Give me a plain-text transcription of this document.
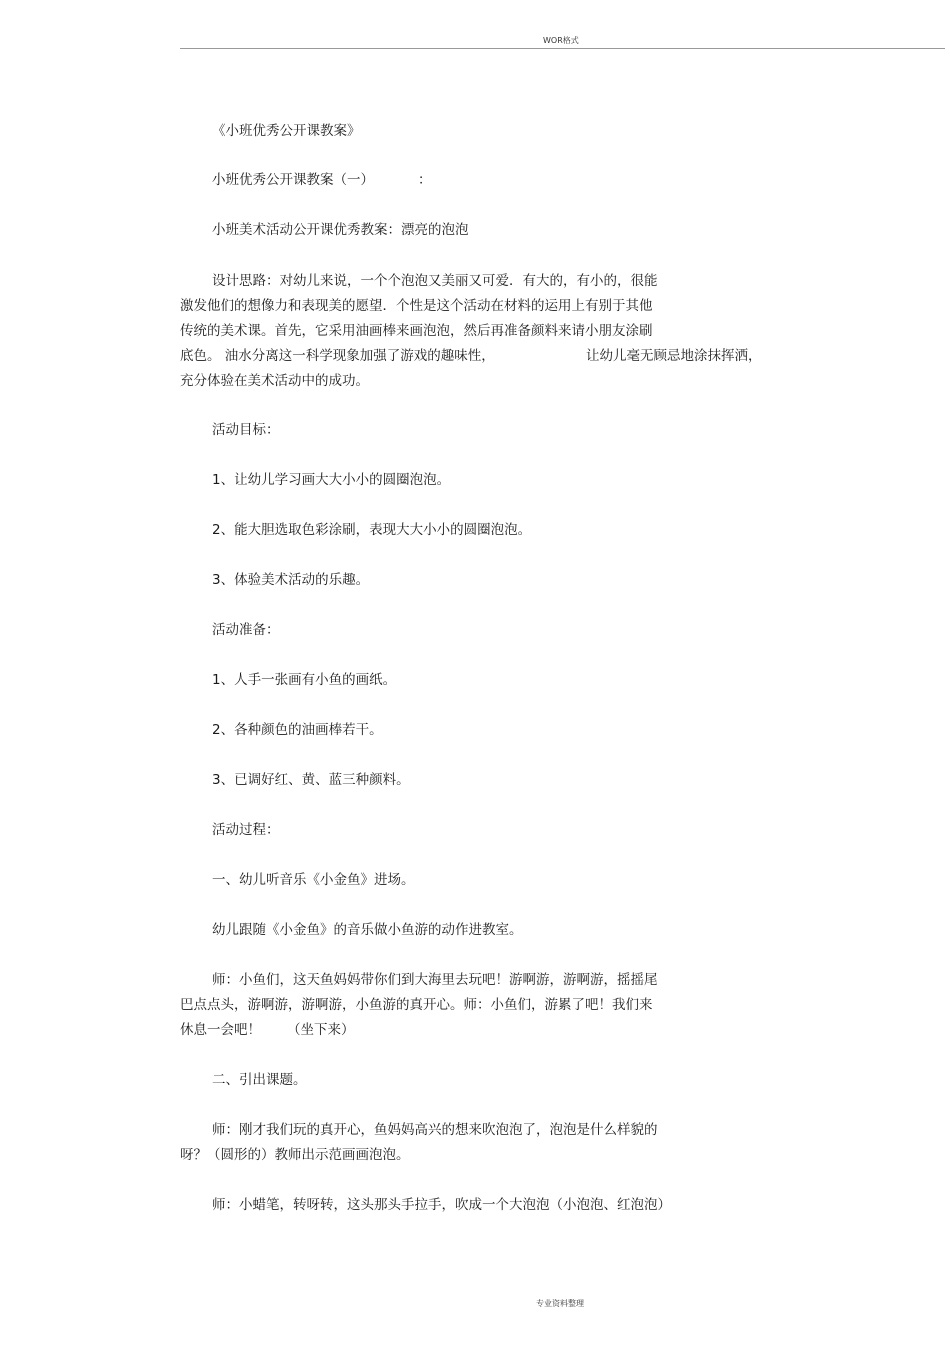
WOR格式
《小班优秀公开课教案》
小班优秀公开课教案（一）	：
小班美术活动公开课优秀教案：漂亮的泡泡
设计思路：对幼儿来说，一个个泡泡又美丽又可爱．有大的，有小的，很能
激发他们的想像力和表现美的愿望．个性是这个活动在材料的运用上有别于其他
传统的美术课。首先，它采用油画棒来画泡泡，然后再准备颜料来请小朋友涂刷
底色。 油水分离这一科学现象加强了游戏的趣味性，	让幼儿毫无顾忌地涂抹挥洒，
充分体验在美术活动中的成功。
活动目标：
1、让幼儿学习画大大小小的圆圈泡泡。
2、能大胆选取色彩涂刷，表现大大小小的圆圈泡泡。
3、体验美术活动的乐趣。
活动准备：
1、人手一张画有小鱼的画纸。
2、各种颜色的油画棒若干。
3、已调好红、黄、蓝三种颜料。
活动过程：
一、幼儿听音乐《小金鱼》进场。
幼儿跟随《小金鱼》的音乐做小鱼游的动作进教室。
师：小鱼们，这天鱼妈妈带你们到大海里去玩吧！游啊游，游啊游，摇摇尾
巴点点头，游啊游，游啊游，小鱼游的真开心。师：小鱼们，游累了吧！我们来
休息一会吧！ （坐下来）
二、引出课题。
师：刚才我们玩的真开心，鱼妈妈高兴的想来吹泡泡了，泡泡是什么样貌的
呀？（圆形的）教师出示范画画泡泡。
师：小蜡笔，转呀转，这头那头手拉手，吹成一个大泡泡（小泡泡、红泡泡）
专业资料整理
